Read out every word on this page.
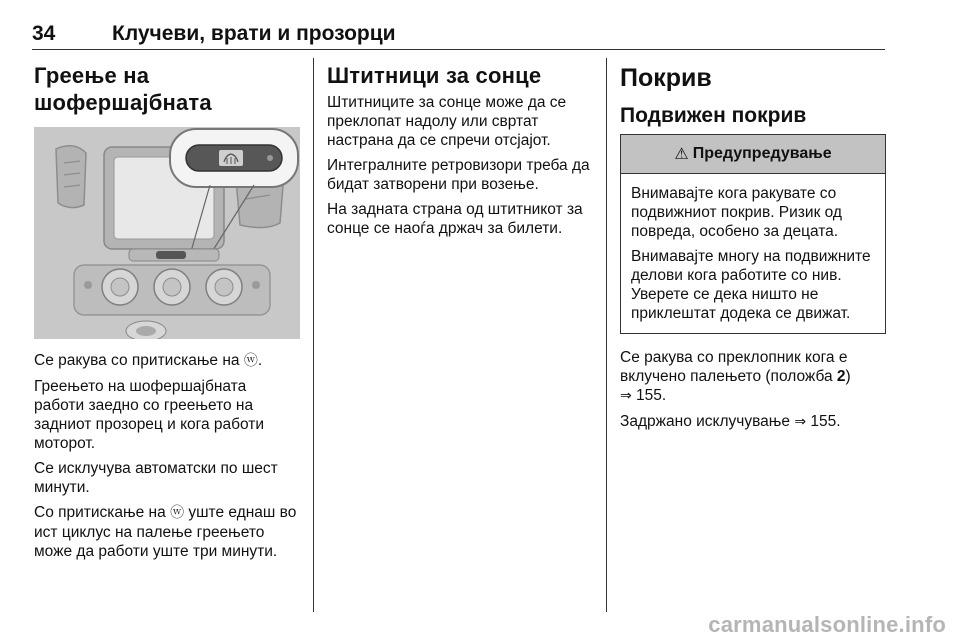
34	Клучеви, врати и прозорци
Греење на
шофершајбната

Се ракува со притискање на ⓦ.

Греењето на шофершајбната работи заедно со греењето на задниот прозорец и кога работи моторот.

Се исклучува автоматски по шест минути.

Со притискање на ⓦ уште еднаш во ист циклус на палење греењето може да работи уште три минути.

Штитници за сонце

Штитниците за сонце може да се преклопат надолу или свртат настрана да се спречи отсјајот.

Интегралните ретровизори треба да бидат затворени при возење.

На задната страна од штитникот за сонце се наоѓа држач за билети.

Покрив
Подвижен покрив
⚠ Предупредување

Внимавајте кога ракувате со подвижниот покрив. Ризик од повреда, особено за децата.

Внимавајте многу на подвижните делови кога работите со нив. Уверете се дека ништо не приклештат додека се движат.

Се ракува со преклопник кога е вклучено палењето (положба 2)
⇒ 155.

Задржано исклучување ⇒ 155.

carmanualsonline.info
